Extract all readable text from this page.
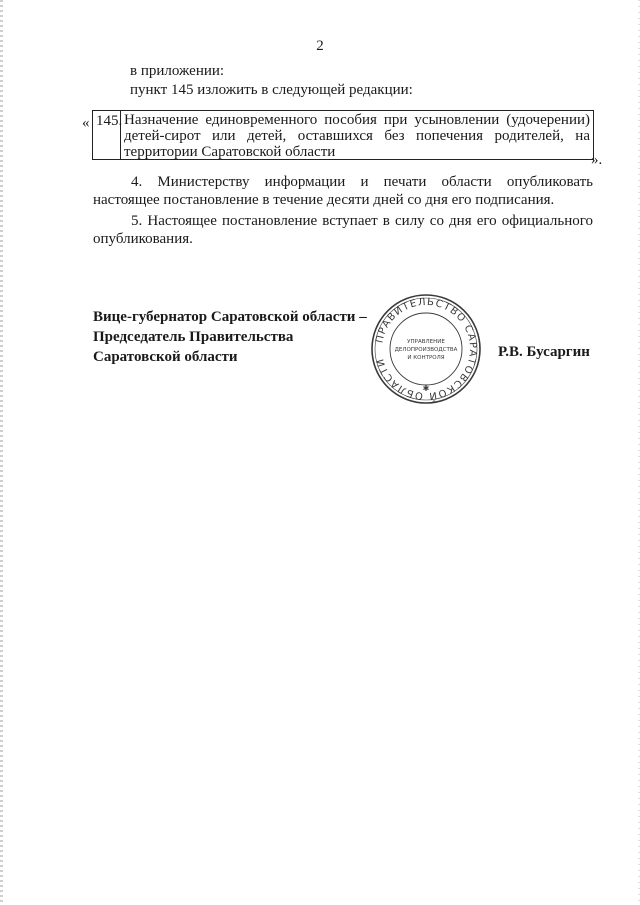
2
в приложении:
пункт 145 изложить в следующей редакции:
« 145. Назначение единовременного пособия при усыновлении (удочерении) детей-сирот или детей, оставшихся без попечения родителей, на территории Саратовской области	».
4. Министерству информации и печати области опубликовать настоящее постановление в течение десяти дней со дня его подписания.
5. Настоящее постановление вступает в силу со дня его официального опубликования.
Вице-губернатор Саратовской области –
Председатель Правительства
Саратовской области
ПРАВИТЕЛЬСТВО САРАТОВСКОЙ ОБЛАСТИ
УПРАВЛЕНИЕ
ДЕЛОПРОИЗВОДСТВА
И КОНТРОЛЯ
✱
Р.В. Бусаргин
